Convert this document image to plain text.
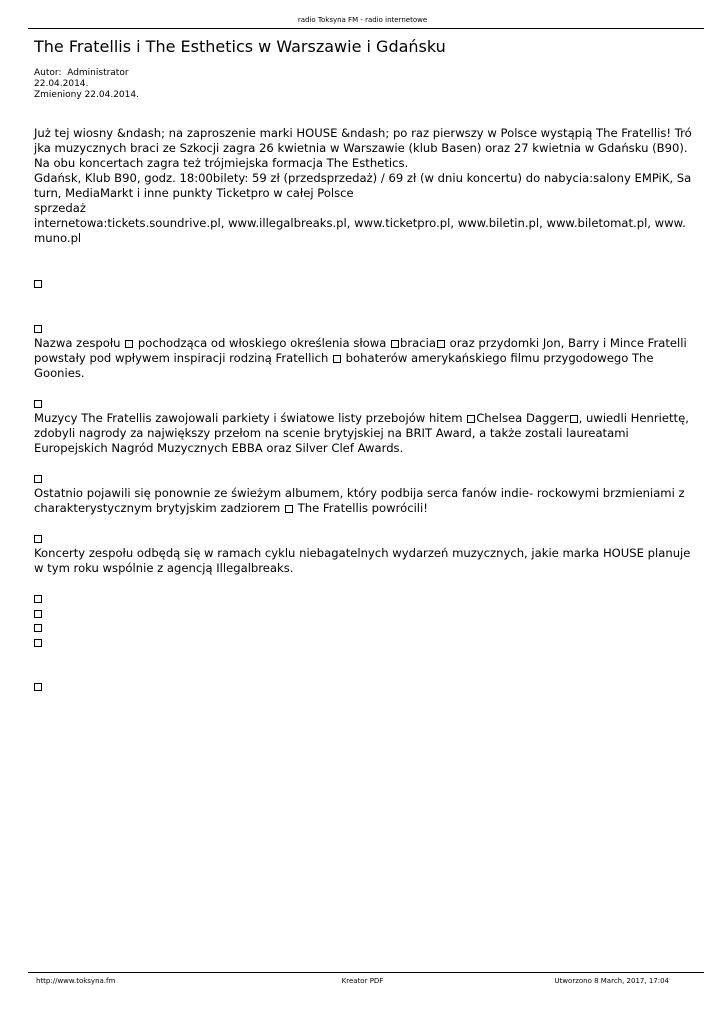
radio Toksyna FM - radio internetowe
The Fratellis i The Esthetics w Warszawie i Gdańsku
Autor:  Administrator
22.04.2014.
Zmieniony 22.04.2014.

Już tej wiosny &ndash; na zaproszenie marki HOUSE &ndash; po raz pierwszy w Polsce wystąpią The Fratellis! Trójka muzycznych braci ze Szkocji zagra 26 kwietnia w Warszawie (klub Basen) oraz 27 kwietnia w Gdańsku (B90). Na obu koncertach zagra też trójmiejska formacja The Esthetics.
Gdańsk, Klub B90, godz. 18:00bilety: 59 zł (przedsprzedaż) / 69 zł (w dniu koncertu) do nabycia:salony EMPiK, Saturn, MediaMarkt i inne punkty Ticketpro w całej Polsce
sprzedaż
internetowa:tickets.soundrive.pl, www.illegalbreaks.pl, www.ticketpro.pl, www.biletin.pl, www.biletomat.pl, www.muno.pl

Nazwa zespołu  pochodząca od włoskiego określenia słowa bracia oraz przydomki Jon, Barry i Mince Fratelli powstały pod wpływem inspiracji rodziną Fratellich  bohaterów amerykańskiego filmu przygodowego The Goonies.

Muzycy The Fratellis zawojowali parkiety i światowe listy przebojów hitem Chelsea Dagger , uwiedli Henriettę, zdobyli nagrody za największy przełom na scenie brytyjskiej na BRIT Award, a także zostali laureatami Europejskich Nagród Muzycznych EBBA oraz Silver Clef Awards.

Ostatnio pojawili się ponownie ze świeżym albumem, który podbija serca fanów indie- rockowymi brzmieniami z charakterystycznym brytyjskim zadziorem  The Fratellis powrócili!

Koncerty zespołu odbędą się w ramach cyklu niebagatelnych wydarzeń muzycznych, jakie marka HOUSE planuje w tym roku wspólnie z agencją Illegalbreaks.

http://www.toksyna.fm	Kreator PDF	Utworzono 8 March, 2017, 17:04
